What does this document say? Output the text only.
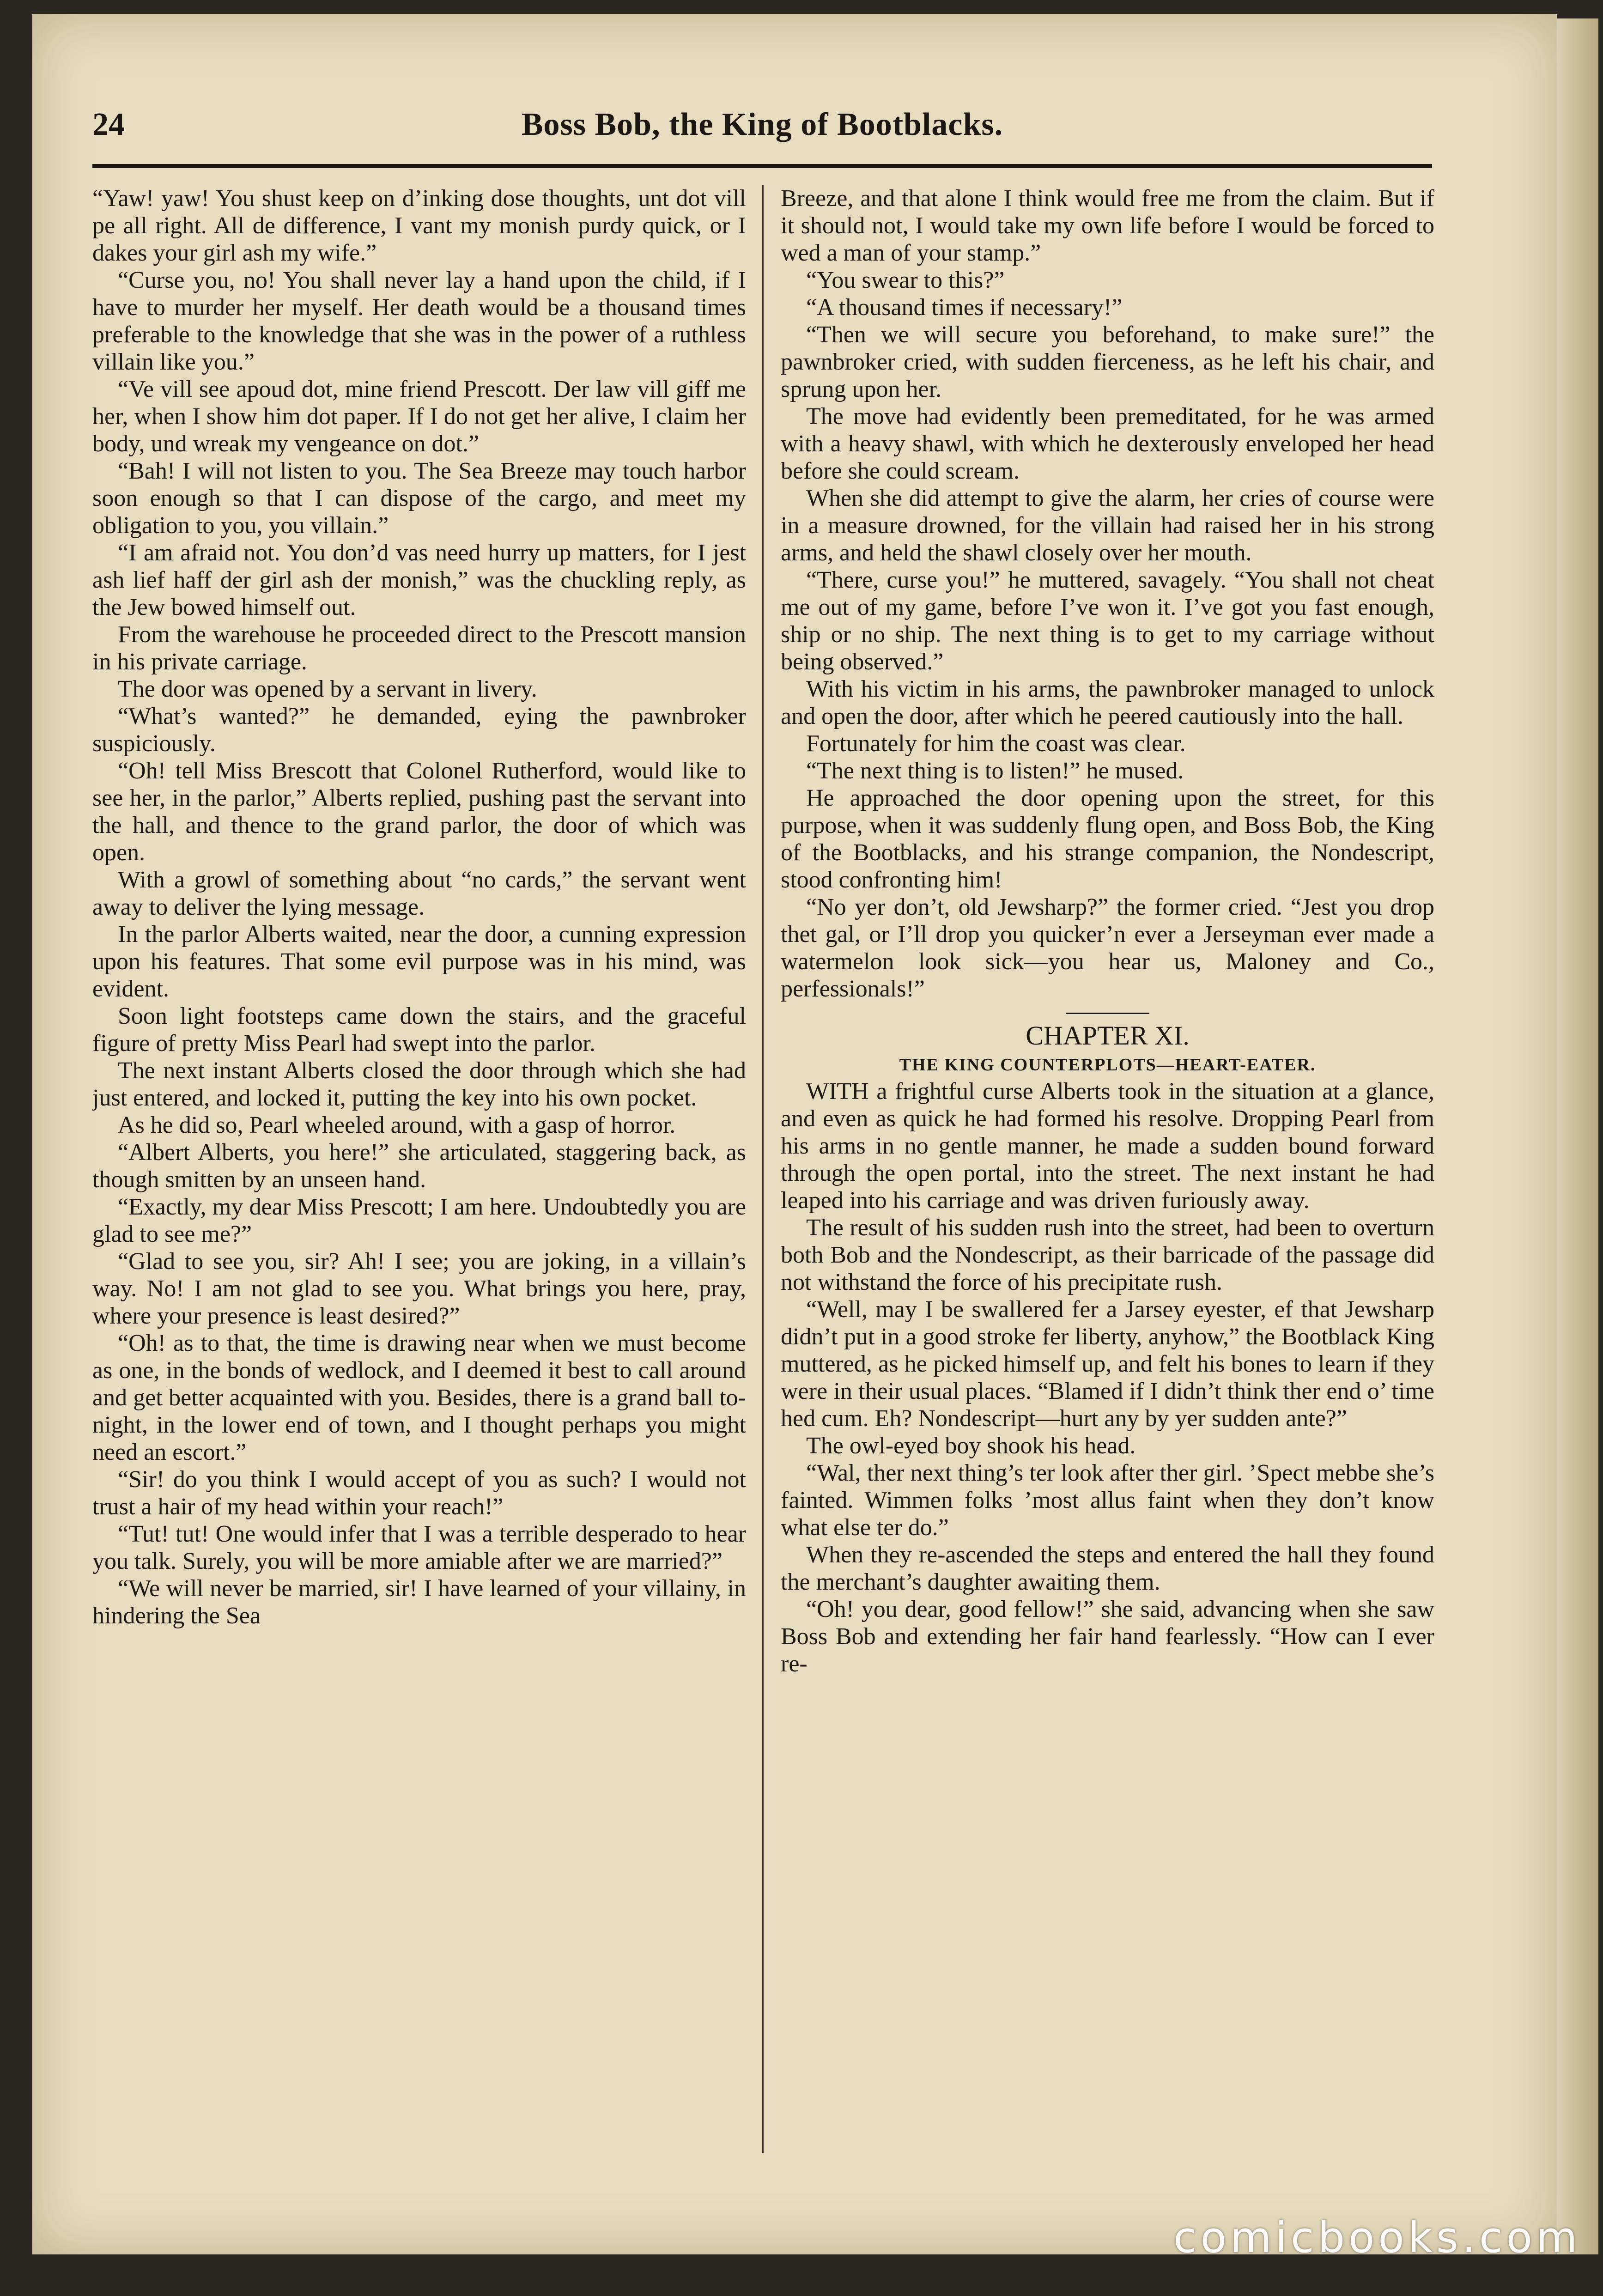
Boss Bob, the King of Bootblacks.
24

“Yaw! yaw! You shust keep on d’inking dose thoughts, unt dot vill pe all right. All de difference, I vant my monish purdy quick, or I dakes your girl ash my wife.”

“Curse you, no! You shall never lay a hand upon the child, if I have to murder her myself. Her death would be a thousand times preferable to the knowledge that she was in the power of a ruthless villain like you.”

“Ve vill see apoud dot, mine friend Prescott. Der law vill giff me her, when I show him dot paper. If I do not get her alive, I claim her body, und wreak my vengeance on dot.”

“Bah! I will not listen to you. The Sea Breeze may touch harbor soon enough so that I can dispose of the cargo, and meet my obligation to you, you villain.”

“I am afraid not. You don’d vas need hurry up matters, for I jest ash lief haff der girl ash der monish,” was the chuckling reply, as the Jew bowed himself out.

From the warehouse he proceeded direct to the Prescott mansion in his private carriage.

The door was opened by a servant in livery.

“What’s wanted?” he demanded, eying the pawnbroker suspiciously.

“Oh! tell Miss Brescott that Colonel Rutherford, would like to see her, in the parlor,” Alberts replied, pushing past the servant into the hall, and thence to the grand parlor, the door of which was open.

With a growl of something about “no cards,” the servant went away to deliver the lying message.

In the parlor Alberts waited, near the door, a cunning expression upon his features. That some evil purpose was in his mind, was evident.

Soon light footsteps came down the stairs, and the graceful figure of pretty Miss Pearl had swept into the parlor.

The next instant Alberts closed the door through which she had just entered, and locked it, putting the key into his own pocket.

As he did so, Pearl wheeled around, with a gasp of horror.

“Albert Alberts, you here!” she articulated, staggering back, as though smitten by an unseen hand.

“Exactly, my dear Miss Prescott; I am here. Undoubtedly you are glad to see me?”

“Glad to see you, sir? Ah! I see; you are joking, in a villain’s way. No! I am not glad to see you. What brings you here, pray, where your presence is least desired?”

“Oh! as to that, the time is drawing near when we must become as one, in the bonds of wedlock, and I deemed it best to call around and get better acquainted with you. Besides, there is a grand ball to-night, in the lower end of town, and I thought perhaps you might need an escort.”

“Sir! do you think I would accept of you as such? I would not trust a hair of my head within your reach!”

“Tut! tut! One would infer that I was a terrible desperado to hear you talk. Surely, you will be more amiable after we are married?”

“We will never be married, sir! I have learned of your villainy, in hindering the Sea

Breeze, and that alone I think would free me from the claim. But if it should not, I would take my own life before I would be forced to wed a man of your stamp.”

“You swear to this?”

“A thousand times if necessary!”

“Then we will secure you beforehand, to make sure!” the pawnbroker cried, with sudden fierceness, as he left his chair, and sprung upon her.

The move had evidently been premeditated, for he was armed with a heavy shawl, with which he dexterously enveloped her head before she could scream.

When she did attempt to give the alarm, her cries of course were in a measure drowned, for the villain had raised her in his strong arms, and held the shawl closely over her mouth.

“There, curse you!” he muttered, savagely. “You shall not cheat me out of my game, before I’ve won it. I’ve got you fast enough, ship or no ship. The next thing is to get to my carriage without being observed.”

With his victim in his arms, the pawnbroker managed to unlock and open the door, after which he peered cautiously into the hall.

Fortunately for him the coast was clear.

“The next thing is to listen!” he mused.

He approached the door opening upon the street, for this purpose, when it was suddenly flung open, and Boss Bob, the King of the Bootblacks, and his strange companion, the Nondescript, stood confronting him!

“No yer don’t, old Jewsharp?” the former cried. “Jest you drop thet gal, or I’ll drop you quicker’n ever a Jerseyman ever made a watermelon look sick—you hear us, Maloney and Co., perfessionals!”

CHAPTER XI.
THE KING COUNTERPLOTS—HEART-EATER.

WITH a frightful curse Alberts took in the situation at a glance, and even as quick he had formed his resolve. Dropping Pearl from his arms in no gentle manner, he made a sudden bound forward through the open portal, into the street. The next instant he had leaped into his carriage and was driven furiously away.

The result of his sudden rush into the street, had been to overturn both Bob and the Nondescript, as their barricade of the passage did not withstand the force of his precipitate rush.

“Well, may I be swallered fer a Jarsey eyester, ef that Jewsharp didn’t put in a good stroke fer liberty, anyhow,” the Bootblack King muttered, as he picked himself up, and felt his bones to learn if they were in their usual places. “Blamed if I didn’t think ther end o’ time hed cum. Eh? Nondescript—hurt any by yer sudden ante?”

The owl-eyed boy shook his head.

“Wal, ther next thing’s ter look after ther girl. ’Spect mebbe she’s fainted. Wimmen folks ’most allus faint when they don’t know what else ter do.”

When they re-ascended the steps and entered the hall they found the merchant’s daughter awaiting them.

“Oh! you dear, good fellow!” she said, advancing when she saw Boss Bob and extending her fair hand fearlessly. “How can I ever re-

comicbooks.com
